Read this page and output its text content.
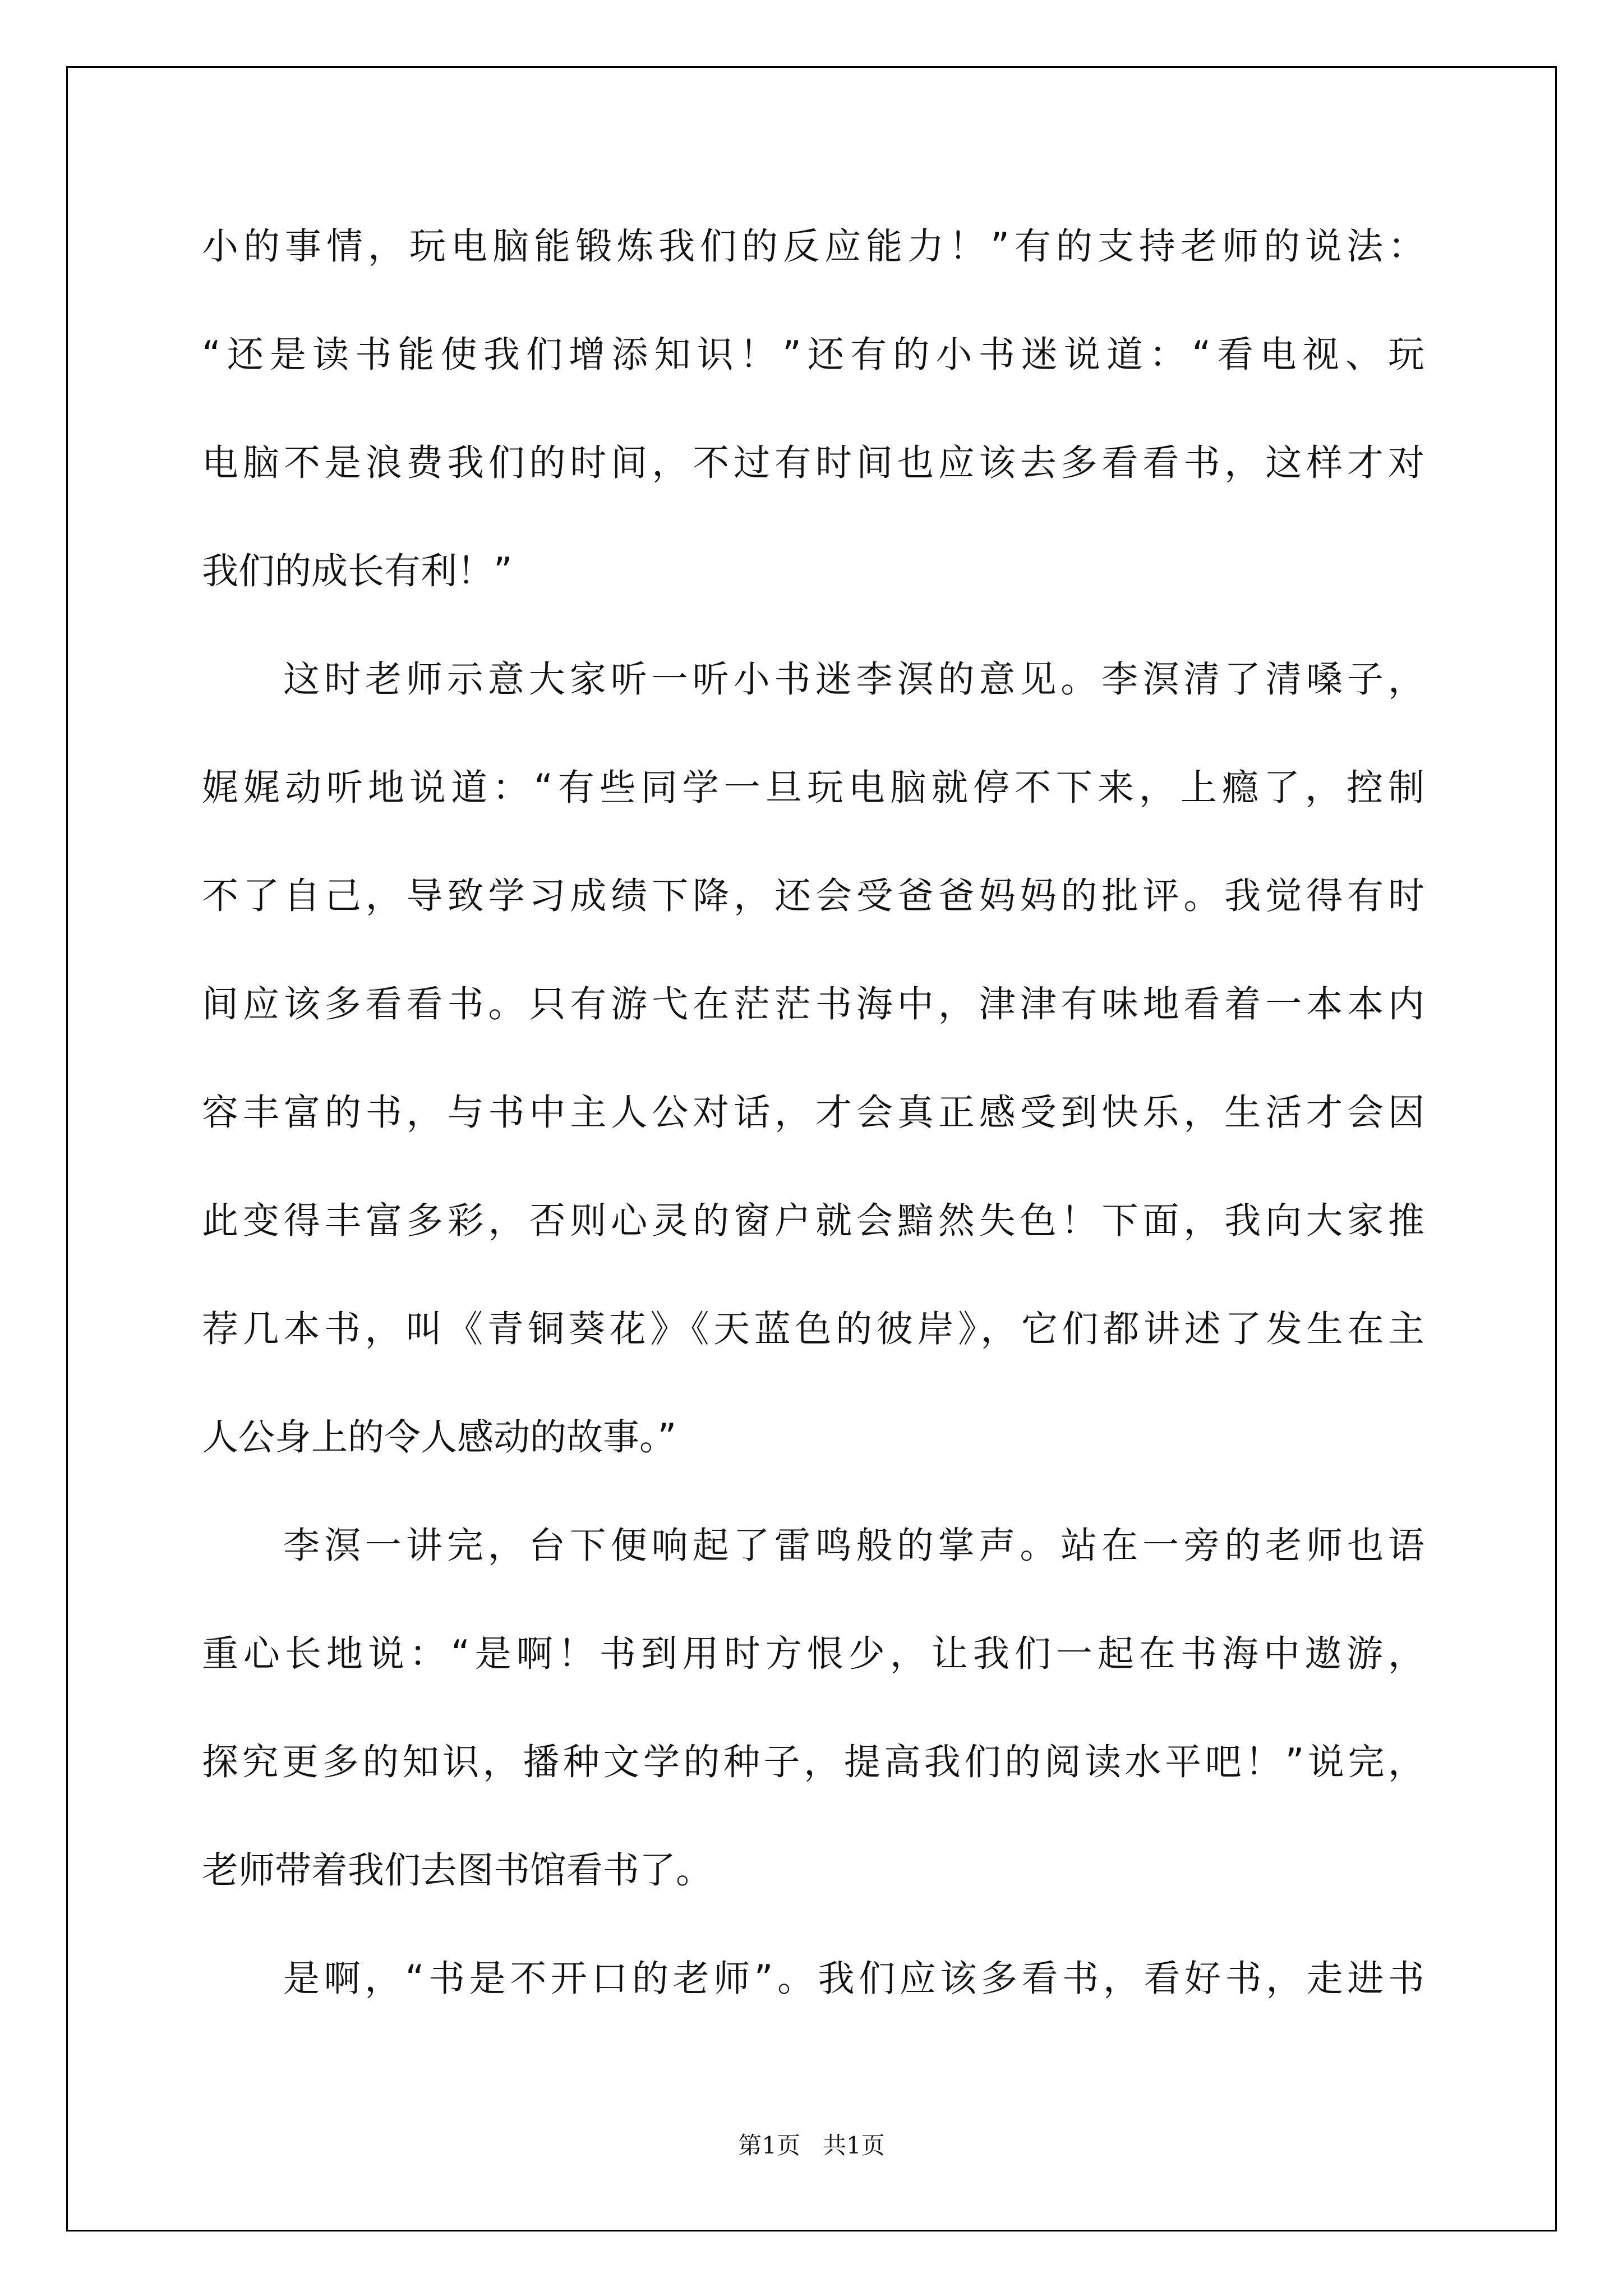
小的事情，玩电脑能锻炼我们的反应能力！”有的支持老师的说法：
“还是读书能使我们增添知识！”还有的小书迷说道：“看电视、玩
电脑不是浪费我们的时间，不过有时间也应该去多看看书，这样才对
我们的成长有利！”
这时老师示意大家听一听小书迷李溟的意见。李溟清了清嗓子，
娓娓动听地说道：“有些同学一旦玩电脑就停不下来，上瘾了，控制
不了自己，导致学习成绩下降，还会受爸爸妈妈的批评。我觉得有时
间应该多看看书。只有游弋在茫茫书海中，津津有味地看着一本本内
容丰富的书，与书中主人公对话，才会真正感受到快乐，生活才会因
此变得丰富多彩，否则心灵的窗户就会黯然失色！下面，我向大家推
荐几本书，叫《青铜葵花》《天蓝色的彼岸》，它们都讲述了发生在主
人公身上的令人感动的故事。”
李溟一讲完，台下便响起了雷鸣般的掌声。站在一旁的老师也语
重心长地说：“是啊！书到用时方恨少，让我们一起在书海中遨游，
探究更多的知识，播种文学的种子，提高我们的阅读水平吧！”说完，
老师带着我们去图书馆看书了。
是啊，“书是不开口的老师”。我们应该多看书，看好书，走进书
第1页   共1页
